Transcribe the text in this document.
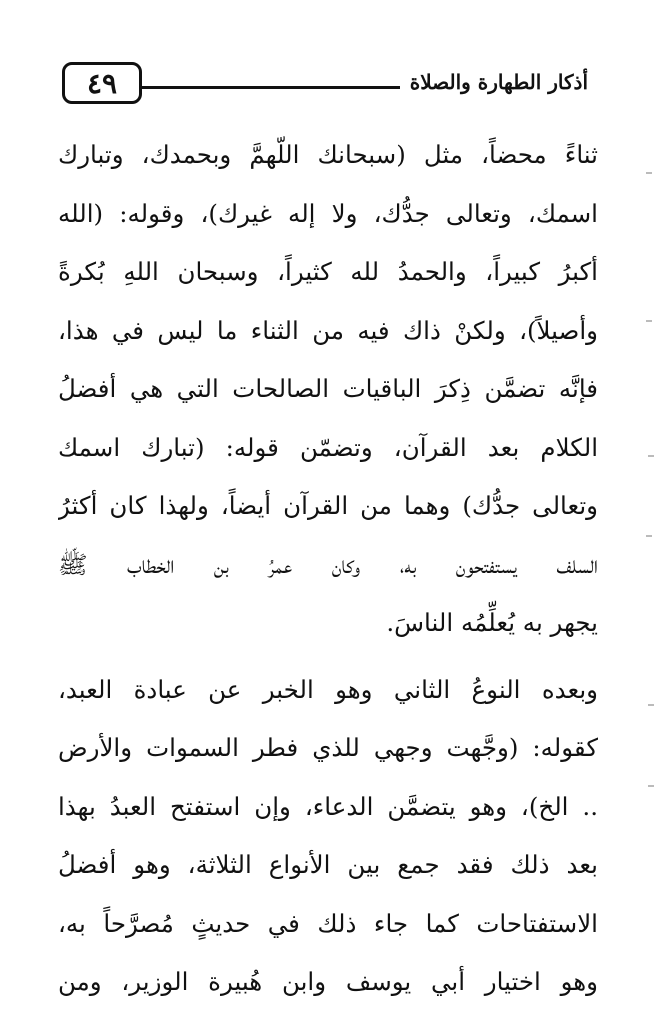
٤٩	أذكار الطهارة والصلاة
ثناءً محضاً، مثل (سبحانك اللّهمَّ وبحمدك، وتبارك
اسمك، وتعالى جدُّك، ولا إله غيرك)، وقوله: (الله
أكبرُ كبيراً، والحمدُ لله كثيراً، وسبحان اللهِ بُكرةً
وأصيلاً)، ولكنْ ذاك فيه من الثناء ما ليس في هذا،
فإنَّه تضمَّن ذِكرَ الباقيات الصالحات التي هي أفضلُ
الكلام بعد القرآن، وتضمّن قوله: (تبارك اسمك
وتعالى جدُّك) وهما من القرآن أيضاً، ولهذا كان أكثرُ
السلف يستفتحون به، وكان عمرُ بن الخطاب ﷺ
يجهر به يُعلِّمُه الناسَ.
وبعده النوعُ الثاني وهو الخبر عن عبادة العبد،
كقوله: (وجَّهت وجهي للذي فطر السموات والأرض
.. الخ)، وهو يتضمَّن الدعاء، وإن استفتح العبدُ بهذا
بعد ذلك فقد جمع بين الأنواع الثلاثة، وهو أفضلُ
الاستفتاحات كما جاء ذلك في حديثٍ مُصرَّحاً به،
وهو اختيار أبي يوسف وابن هُبيرة الوزير، ومن
